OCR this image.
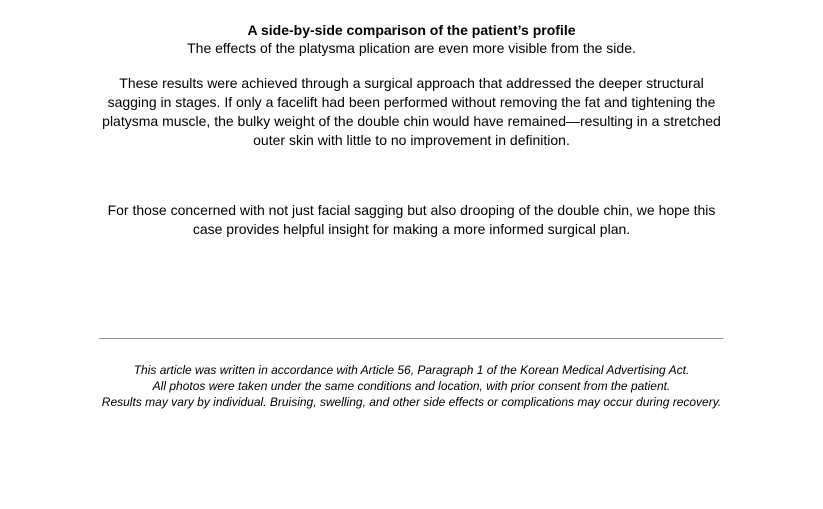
A side-by-side comparison of the patient’s profile
The effects of the platysma plication are even more visible from the side.
These results were achieved through a surgical approach that addressed the deeper structural
sagging in stages. If only a facelift had been performed without removing the fat and tightening the
platysma muscle, the bulky weight of the double chin would have remained—resulting in a stretched
outer skin with little to no improvement in definition.
For those concerned with not just facial sagging but also drooping of the double chin, we hope this
case provides helpful insight for making a more informed surgical plan.
This article was written in accordance with Article 56, Paragraph 1 of the Korean Medical Advertising Act.
All photos were taken under the same conditions and location, with prior consent from the patient.
Results may vary by individual. Bruising, swelling, and other side effects or complications may occur during recovery.
